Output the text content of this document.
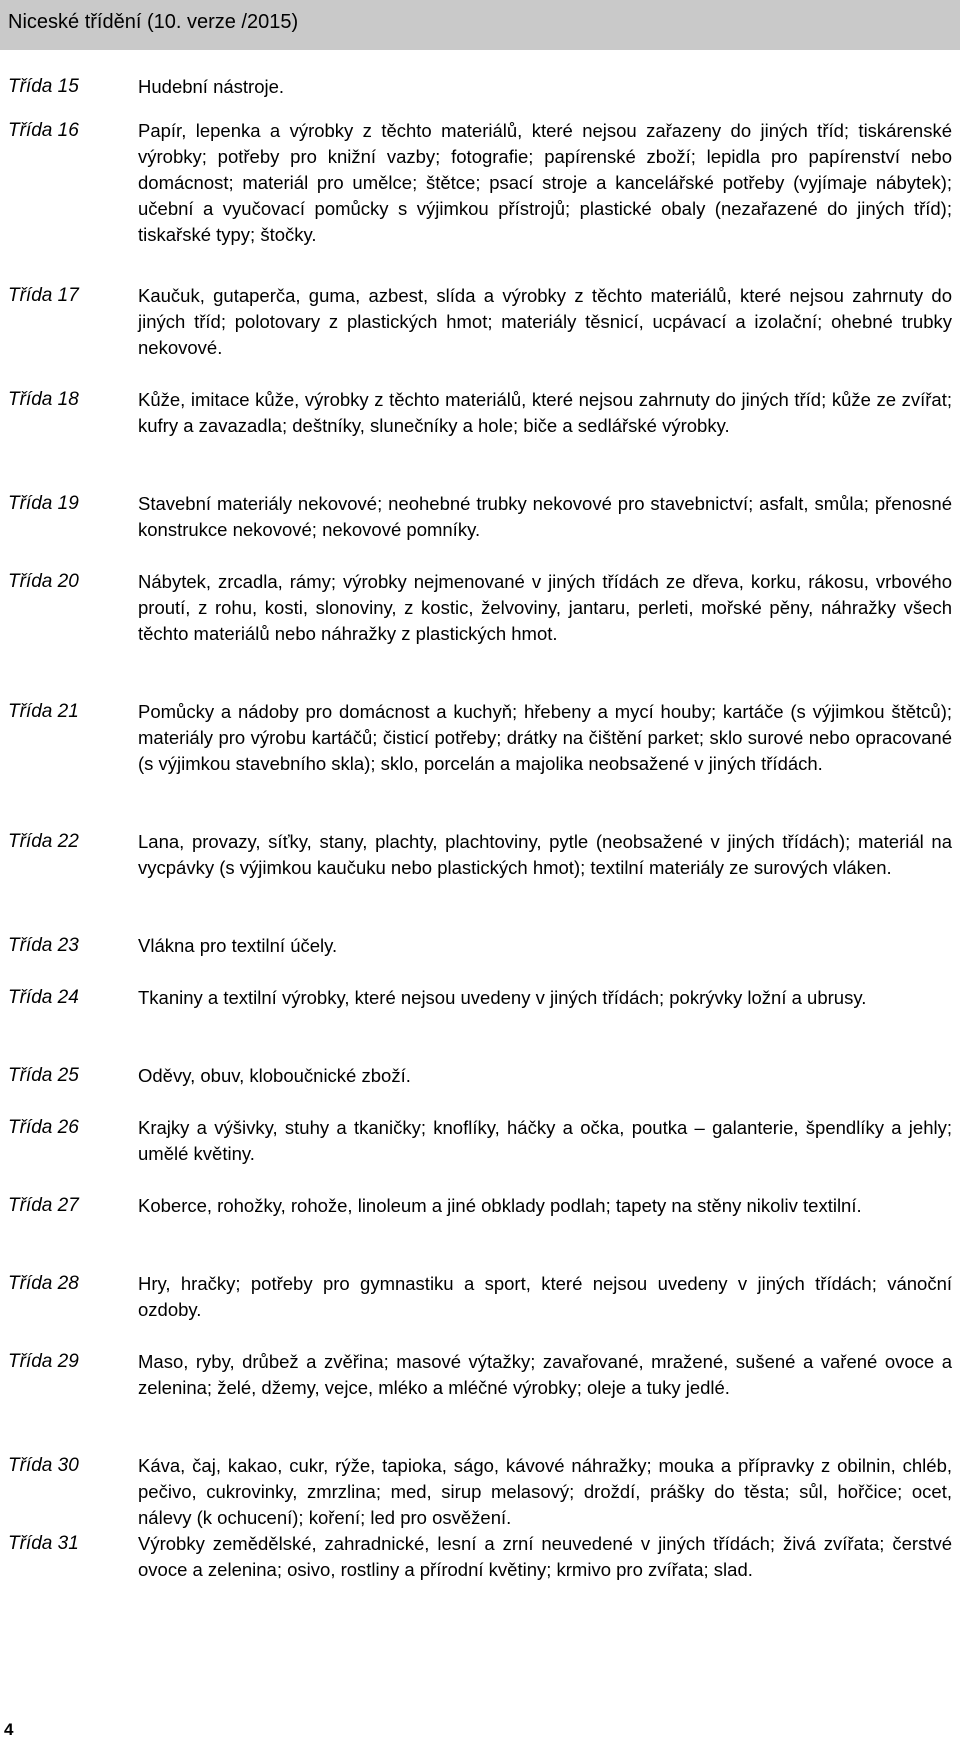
Niceské třídění (10. verze /2015)
Třída 15	Hudební nástroje.
Třída 16	Papír, lepenka a výrobky z těchto materiálů, které nejsou zařazeny do jiných tříd; tiskárenské výrobky; potřeby pro knižní vazby; fotografie; papírenské zboží; lepidla pro papírenství nebo domácnost; materiál pro umělce; štětce; psací stroje a kancelářské potřeby (vyjímaje nábytek); učební a vyučovací pomůcky s výjimkou přístrojů; plastické obaly (nezařazené do jiných tříd); tiskařské typy; štočky.
Třída 17	Kaučuk, gutaperča, guma, azbest, slída a výrobky z těchto materiálů, které nejsou zahrnuty do jiných tříd; polotovary z plastických hmot; materiály těsnicí, ucpávací a izolační; ohebné trubky nekovové.
Třída 18	Kůže, imitace kůže, výrobky z těchto materiálů, které nejsou zahrnuty do jiných tříd; kůže ze zvířat; kufry a zavazadla; deštníky, slunečníky a hole; biče a sedlářské výrobky.
Třída 19	Stavební materiály nekovové; neohebné trubky nekovové pro stavebnictví; asfalt, smůla; přenosné konstrukce nekovové; nekovové pomníky.
Třída 20	Nábytek, zrcadla, rámy; výrobky nejmenované v jiných třídách ze dřeva, korku, rákosu, vrbového proutí, z rohu, kosti, slonoviny, z kostic, želvoviny, jantaru, perleti, mořské pěny, náhražky všech těchto materiálů nebo náhražky z plastických hmot.
Třída 21	Pomůcky a nádoby pro domácnost a kuchyň; hřebeny a mycí houby; kartáče (s výjimkou štětců); materiály pro výrobu kartáčů; čisticí potřeby; drátky na čištění parket; sklo surové nebo opracované (s výjimkou stavebního skla); sklo, porcelán a majolika neobsažené v jiných třídách.
Třída 22	Lana, provazy, síťky, stany, plachty, plachtoviny, pytle (neobsažené v jiných třídách); materiál na vycpávky (s výjimkou kaučuku nebo plastických hmot); textilní materiály ze surových vláken.
Třída 23	Vlákna pro textilní účely.
Třída 24	Tkaniny a textilní výrobky, které nejsou uvedeny v jiných třídách; pokrývky ložní a ubrusy.
Třída 25	Oděvy, obuv, kloboučnické zboží.
Třída 26	Krajky a výšivky, stuhy a tkaničky; knoflíky, háčky a očka, poutka – galanterie, špendlíky a jehly; umělé květiny.
Třída 27	Koberce, rohožky, rohože, linoleum a jiné obklady podlah; tapety na stěny nikoliv textilní.
Třída 28	Hry, hračky; potřeby pro gymnastiku a sport, které nejsou uvedeny v jiných třídách; vánoční ozdoby.
Třída 29	Maso, ryby, drůbež a zvěřina; masové výtažky; zavařované, mražené, sušené a vařené ovoce a zelenina; želé, džemy, vejce, mléko a mléčné výrobky; oleje a tuky jedlé.
Třída 30	Káva, čaj, kakao, cukr, rýže, tapioka, ságo, kávové náhražky; mouka a přípravky z obilnin, chléb, pečivo, cukrovinky, zmrzlina; med, sirup melasový; droždí, prášky do těsta; sůl, hořčice; ocet, nálevy (k ochucení); koření; led pro osvěžení.
Třída 31	Výrobky zemědělské, zahradnické, lesní a zrní neuvedené v jiných třídách; živá zvířata; čerstvé ovoce a zelenina; osivo, rostliny a přírodní květiny; krmivo pro zvířata; slad.
4
